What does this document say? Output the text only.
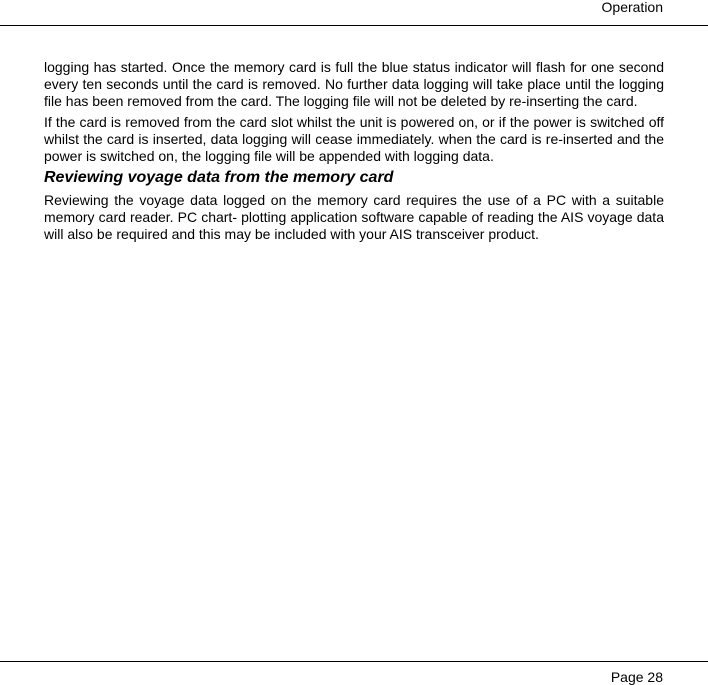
Operation

logging has started. Once the memory card is full the blue status indicator will flash for one second every ten seconds until the card is removed. No further data logging will take place until the logging file has been removed from the card. The logging file will not be deleted by re-inserting the card.

If the card is removed from the card slot whilst the unit is powered on, or if the power is switched off whilst the card is inserted, data logging will cease immediately. when the card is re-inserted and the power is switched on, the logging file will be appended with logging data.

Reviewing voyage data from the memory card

Reviewing the voyage data logged on the memory card requires the use of a PC with a suitable memory card reader. PC chart- plotting application software capable of reading the AIS voyage data will also be required and this may be included with your AIS transceiver product.

Page 28
